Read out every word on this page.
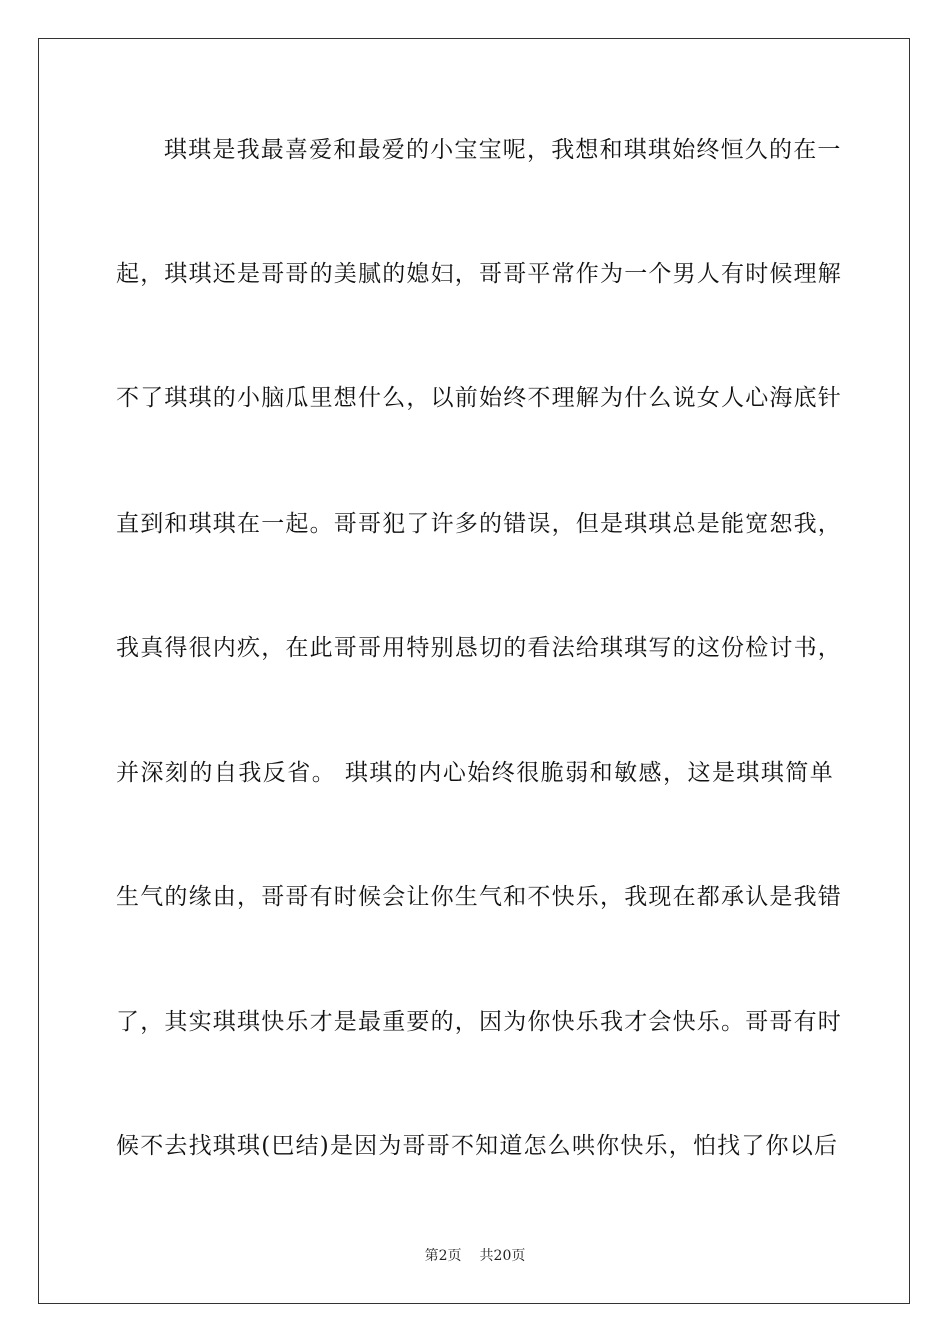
琪琪是我最喜爱和最爱的小宝宝呢，我想和琪琪始终恒久的在一

起，琪琪还是哥哥的美腻的媳妇，哥哥平常作为一个男人有时候理解

不了琪琪的小脑瓜里想什么，以前始终不理解为什么说女人心海底针

直到和琪琪在一起。哥哥犯了许多的错误，但是琪琪总是能宽恕我，

我真得很内疚，在此哥哥用特别恳切的看法给琪琪写的这份检讨书，

并深刻的自我反省。 琪琪的内心始终很脆弱和敏感，这是琪琪简单

生气的缘由，哥哥有时候会让你生气和不快乐，我现在都承认是我错

了，其实琪琪快乐才是最重要的，因为你快乐我才会快乐。哥哥有时

候不去找琪琪(巴结)是因为哥哥不知道怎么哄你快乐，怕找了你以后

第2页 共20页
